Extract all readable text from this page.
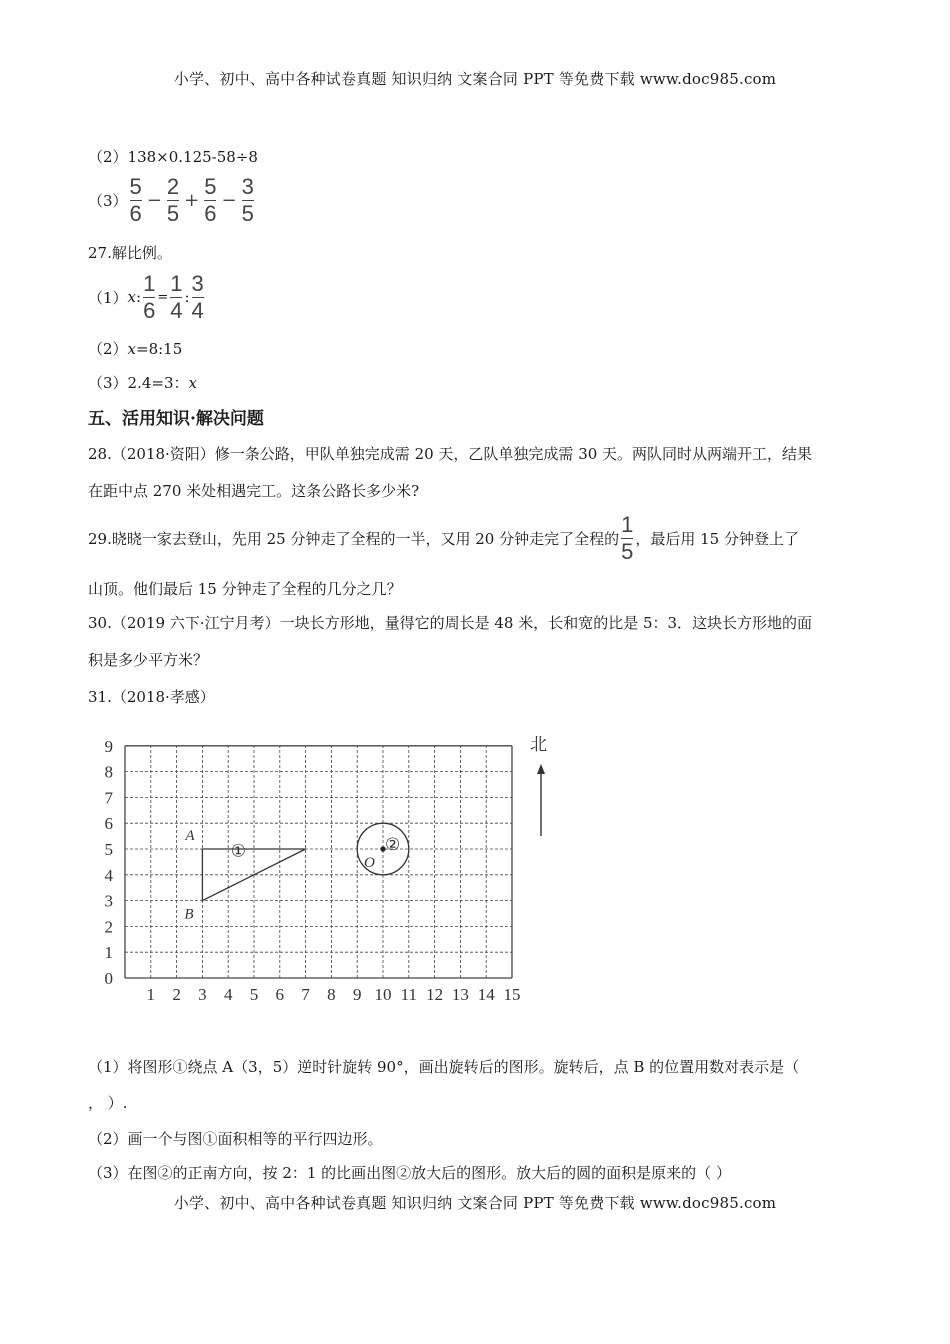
小学、初中、高中各种试卷真题 知识归纳 文案合同 PPT 等免费下载 www.doc985.com
（2）138×0.125-58÷8
$(3) \frac{5}{6} - \frac{2}{5} + \frac{5}{6} - \frac{3}{5}$
27.解比例。
（1） x : $\frac{1}{6} = \frac{1}{4}$ : $\frac{3}{4}$
（2）x=8:15
（3）2.4=3：x
五、活用知识·解决问题
28.（2018·资阳）修一条公路，甲队单独完成需 20 天，乙队单独完成需 30 天。两队同时从两端开工，结果
在距中点 270 米处相遇完工。这条公路长多少米?
29.晓晓一家去登山，先用 25 分钟走了全程的一半，又用 20 分钟走完了全程的 $\frac{1}{5}$ ，最后用 15 分钟登上了
山顶。他们最后 15 分钟走了全程的几分之几？
30.（2019 六下·江宁月考）一块长方形地，量得它的周长是 48 米，长和宽的比是 5：3．这块长方形地的面
积是多少平方米？
31.（2018·孝感）
1 2 3 4 5 6 7 8 9 10 11 12 13 14 15
0
1
2
3
4
5
6
7
8
9
A
B
O
①	②
北
（1）将图形①绕点 A（3，5）逆时针旋转 90°，画出旋转后的图形。旋转后，点 B 的位置用数对表示是（
， ）.
（2）画一个与图①面积相等的平行四边形。
（3）在图②的正南方向，按 2：1 的比画出图②放大后的图形。放大后的圆的面积是原来的（ ）
小学、初中、高中各种试卷真题 知识归纳 文案合同 PPT 等免费下载 www.doc985.com
